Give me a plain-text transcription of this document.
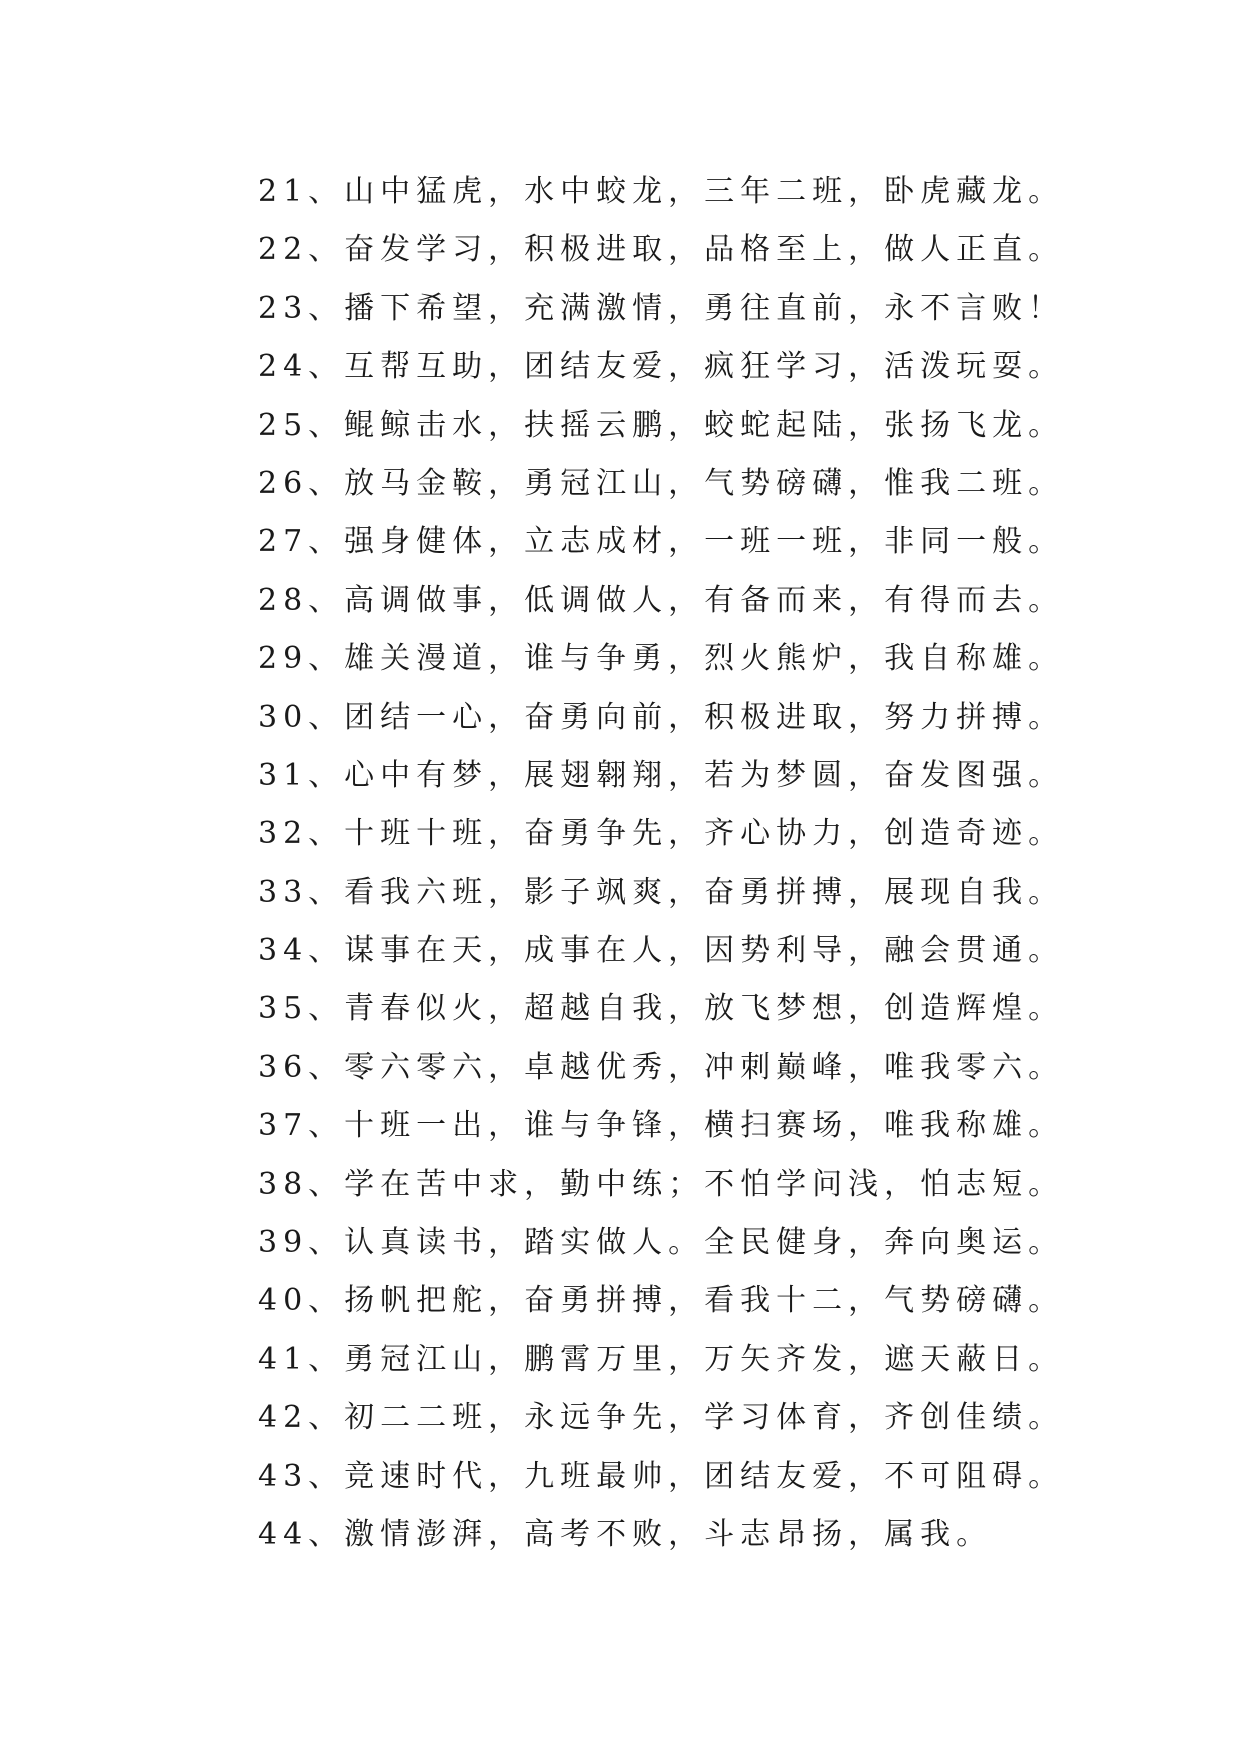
21、山中猛虎，水中蛟龙，三年二班，卧虎藏龙。
22、奋发学习，积极进取，品格至上，做人正直。
23、播下希望，充满激情，勇往直前，永不言败！
24、互帮互助，团结友爱，疯狂学习，活泼玩耍。
25、鲲鲸击水，扶摇云鹏，蛟蛇起陆，张扬飞龙。
26、放马金鞍，勇冠江山，气势磅礴，惟我二班。
27、强身健体，立志成材，一班一班，非同一般。
28、高调做事，低调做人，有备而来，有得而去。
29、雄关漫道，谁与争勇，烈火熊炉，我自称雄。
30、团结一心，奋勇向前，积极进取，努力拼搏。
31、心中有梦，展翅翱翔，若为梦圆，奋发图强。
32、十班十班，奋勇争先，齐心协力，创造奇迹。
33、看我六班，影子飒爽，奋勇拼搏，展现自我。
34、谋事在天，成事在人，因势利导，融会贯通。
35、青春似火，超越自我，放飞梦想，创造辉煌。
36、零六零六，卓越优秀，冲刺巅峰，唯我零六。
37、十班一出，谁与争锋，横扫赛场，唯我称雄。
38、学在苦中求，勤中练；不怕学问浅，怕志短。
39、认真读书，踏实做人。全民健身，奔向奥运。
40、扬帆把舵，奋勇拼搏，看我十二，气势磅礴。
41、勇冠江山，鹏霄万里，万矢齐发，遮天蔽日。
42、初二二班，永远争先，学习体育，齐创佳绩。
43、竞速时代，九班最帅，团结友爱，不可阻碍。
44、激情澎湃，高考不败，斗志昂扬，属我。
